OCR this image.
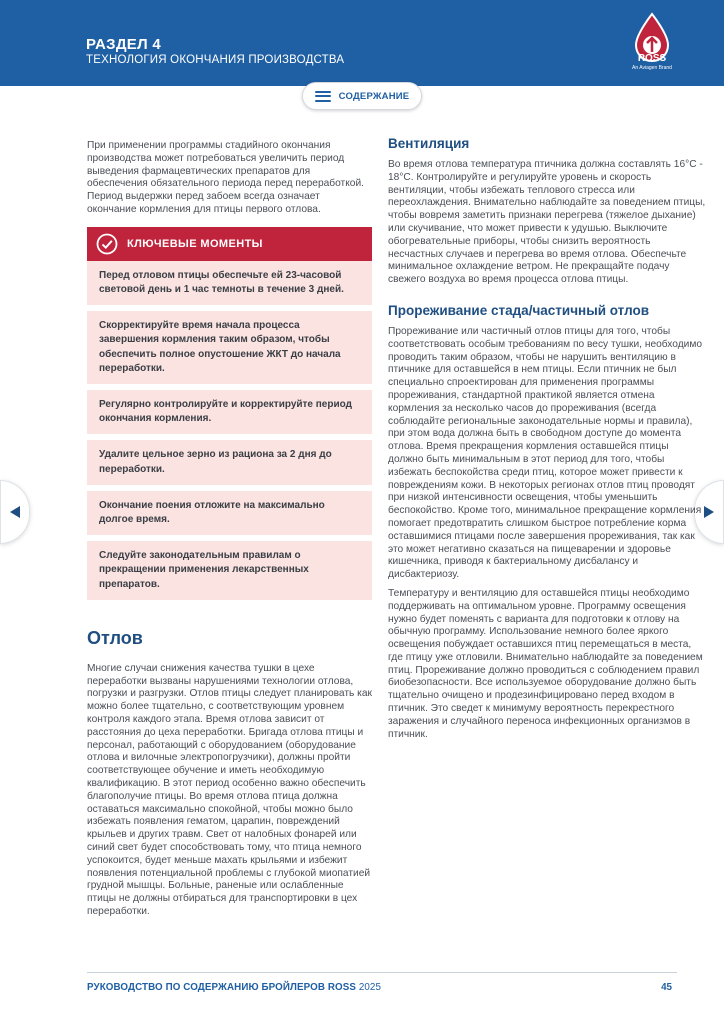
РАЗДЕЛ 4
ТЕХНОЛОГИЯ ОКОНЧАНИЯ ПРОИЗВОДСТВА	ROSS
An Aviagen Brand
СОДЕРЖАНИЕ

При применении программы стадийного окончания производства может потребоваться увеличить период выведения фармацевтических препаратов для обеспечения обязательного периода перед переработкой. Период выдержки перед забоем всегда означает окончание кормления для птицы первого отлова.

КЛЮЧЕВЫЕ МОМЕНТЫ
Перед отловом птицы обеспечьте ей 23-часовой световой день и 1 час темноты в течение 3 дней.
Скорректируйте время начала процесса завершения кормления таким образом, чтобы обеспечить полное опустошение ЖКТ до начала переработки.
Регулярно контролируйте и корректируйте период окончания кормления.
Удалите цельное зерно из рациона за 2 дня до переработки.
Окончание поения отложите на максимально долгое время.
Следуйте законодательным правилам о прекращении применения лекарственных препаратов.
Отлов

Многие случаи снижения качества тушки в цехе переработки вызваны нарушениями технологии отлова, погрузки и разгрузки. Отлов птицы следует планировать как можно более тщательно, с соответствующим уровнем контроля каждого этапа. Время отлова зависит от расстояния до цеха переработки. Бригада отлова птицы и персонал, работающий с оборудованием (оборудование отлова и вилочные электропогрузчики), должны пройти соответствующее обучение и иметь необходимую квалификацию. В этот период особенно важно обеспечить благополучие птицы. Во время отлова птица должна оставаться максимально спокойной, чтобы можно было избежать появления гематом, царапин, повреждений крыльев и других травм. Свет от налобных фонарей или синий свет будет способствовать тому, что птица немного успокоится, будет меньше махать крыльями и избежит появления потенциальной проблемы с глубокой миопатией грудной мышцы. Больные, раненые или ослабленные птицы не должны отбираться для транспортировки в цех переработки.

Вентиляция

Во время отлова температура птичника должна составлять 16°C - 18°C. Контролируйте и регулируйте уровень и скорость вентиляции, чтобы избежать теплового стресса или переохлаждения. Внимательно наблюдайте за поведением птицы, чтобы вовремя заметить признаки перегрева (тяжелое дыхание) или скучивание, что может привести к удушью. Выключите обогревательные приборы, чтобы снизить вероятность несчастных случаев и перегрева во время отлова. Обеспечьте минимальное охлаждение ветром. Не прекращайте подачу свежего воздуха во время процесса отлова птицы.

Прореживание стада/частичный отлов

Прореживание или частичный отлов птицы для того, чтобы соответствовать особым требованиям по весу тушки, необходимо проводить таким образом, чтобы не нарушить вентиляцию в птичнике для оставшейся в нем птицы. Если птичник не был специально спроектирован для применения программы прореживания, стандартной практикой является отмена кормления за несколько часов до прореживания (всегда соблюдайте региональные законодательные нормы и правила), при этом вода должна быть в свободном доступе до момента отлова. Время прекращения кормления оставшейся птицы должно быть минимальным в этот период для того, чтобы избежать беспокойства среди птиц, которое может привести к повреждениям кожи. В некоторых регионах отлов птиц проводят при низкой интенсивности освещения, чтобы уменьшить беспокойство. Кроме того, минимальное прекращение кормления помогает предотвратить слишком быстрое потребление корма оставшимися птицами после завершения прореживания, так как это может негативно сказаться на пищеварении и здоровье кишечника, приводя к бактериальному дисбалансу и дисбактериозу.

Температуру и вентиляцию для оставшейся птицы необходимо поддерживать на оптимальном уровне. Программу освещения нужно будет поменять с варианта для подготовки к отлову на обычную программу. Использование немного более яркого освещения побуждает оставшихся птиц перемещаться в места, где птицу уже отловили. Внимательно наблюдайте за поведением птиц. Прореживание должно проводиться с соблюдением правил биобезопасности. Все используемое оборудование должно быть тщательно очищено и продезинфицировано перед входом в птичник. Это сведет к минимуму вероятность перекрестного заражения и случайного переноса инфекционных организмов в птичник.

РУКОВОДСТВО ПО СОДЕРЖАНИЮ БРОЙЛЕРОВ ROSS 2025	45
